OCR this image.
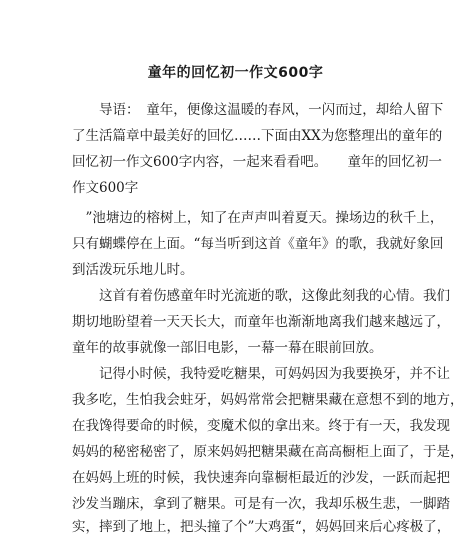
童年的回忆初一作文600字
　　导语：　童年，便像这温暖的春风，一闪而过，却给人留下
了生活篇章中最美好的回忆……下面由XX为您整理出的童年的
回忆初一作文600字内容，一起来看看吧。　　童年的回忆初一
作文600字
　”池塘边的榕树上，知了在声声叫着夏天。操场边的秋千上，
只有蝴蝶停在上面。“每当听到这首《童年》的歌，我就好象回
到活泼玩乐地儿时。
　　这首有着伤感童年时光流逝的歌，这像此刻我的心情。我们
期切地盼望着一天天长大，而童年也渐渐地离我们越来越远了，
童年的故事就像一部旧电影，一幕一幕在眼前回放。
　　记得小时候，我特爱吃糖果，可妈妈因为我要换牙，并不让
我多吃，生怕我会蛀牙，妈妈常常会把糖果藏在意想不到的地方，
在我馋得要命的时候，变魔术似的拿出来。终于有一天，我发现
妈妈的秘密秘密了，原来妈妈把糖果藏在高高橱柜上面了，于是，
在妈妈上班的时候，我快速奔向靠橱柜最近的沙发，一跃而起把
沙发当蹦床，拿到了糖果。可是有一次，我却乐极生悲，一脚踏
实，摔到了地上，把头撞了个”大鸡蛋“，妈妈回来后心疼极了，
